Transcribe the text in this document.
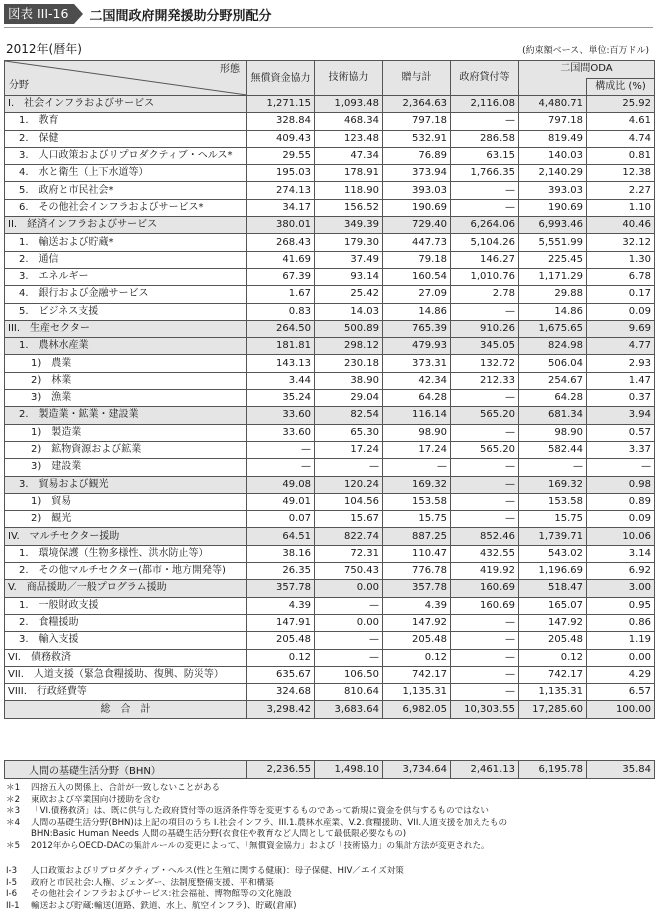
図表 III-16	二国間政府開発援助分野別配分
2012年(暦年)	(約束額ベース、単位:百万ドル)
形態
分野	無償資金協力	技術協力	贈与計	政府貸付等	二国間ODA	
						構成比 (%)
I.　社会インフラおよびサービス	1,271.15	1,093.48	2,364.63	2,116.08	4,480.71	25.92
1.　教育	328.84	468.34	797.18	—	797.18	4.61
2.　保健	409.43	123.48	532.91	286.58	819.49	4.74
3.　人口政策およびリプロダクティブ・ヘルス*	29.55	47.34	76.89	63.15	140.03	0.81
4.　水と衛生（上下水道等）	195.03	178.91	373.94	1,766.35	2,140.29	12.38
5.　政府と市民社会*	274.13	118.90	393.03	—	393.03	2.27
6.　その他社会インフラおよびサービス*	34.17	156.52	190.69	—	190.69	1.10
II.　経済インフラおよびサービス	380.01	349.39	729.40	6,264.06	6,993.46	40.46
1.　輸送および貯蔵*	268.43	179.30	447.73	5,104.26	5,551.99	32.12
2.　通信	41.69	37.49	79.18	146.27	225.45	1.30
3.　エネルギー	67.39	93.14	160.54	1,010.76	1,171.29	6.78
4.　銀行および金融サービス	1.67	25.42	27.09	2.78	29.88	0.17
5.　ビジネス支援	0.83	14.03	14.86	—	14.86	0.09
III.　生産セクター	264.50	500.89	765.39	910.26	1,675.65	9.69
1.　農林水産業	181.81	298.12	479.93	345.05	824.98	4.77
1)　農業	143.13	230.18	373.31	132.72	506.04	2.93
2)　林業	3.44	38.90	42.34	212.33	254.67	1.47
3)　漁業	35.24	29.04	64.28	—	64.28	0.37
2.　製造業・鉱業・建設業	33.60	82.54	116.14	565.20	681.34	3.94
1)　製造業	33.60	65.30	98.90	—	98.90	0.57
2)　鉱物資源および鉱業	—	17.24	17.24	565.20	582.44	3.37
3)　建設業	—	—	—	—	—	—
3.　貿易および観光	49.08	120.24	169.32	—	169.32	0.98
1)　貿易	49.01	104.56	153.58	—	153.58	0.89
2)　観光	0.07	15.67	15.75	—	15.75	0.09
IV.　マルチセクター援助	64.51	822.74	887.25	852.46	1,739.71	10.06
1.　環境保護（生物多様性、洪水防止等）	38.16	72.31	110.47	432.55	543.02	3.14
2.　その他マルチセクター(都市・地方開発等)	26.35	750.43	776.78	419.92	1,196.69	6.92
V.　商品援助／一般プログラム援助	357.78	0.00	357.78	160.69	518.47	3.00
1.　一般財政支援	4.39	—	4.39	160.69	165.07	0.95
2.　食糧援助	147.91	0.00	147.92	—	147.92	0.86
3.　輸入支援	205.48	—	205.48	—	205.48	1.19
VI.　債務救済	0.12	—	0.12	—	0.12	0.00
VII.　人道支援（緊急食糧援助、復興、防災等）	635.67	106.50	742.17	—	742.17	4.29
VIII.　行政経費等	324.68	810.64	1,135.31	—	1,135.31	6.57
総　合　計	3,298.42	3,683.64	6,982.05	10,303.55	17,285.60	100.00
人間の基礎生活分野（BHN）	2,236.55	1,498.10	3,734.64	2,461.13	6,195.78	35.84
＊1	四捨五入の関係上、合計が一致しないことがある
＊2	東欧および卒業国向け援助を含む
＊3	「VI.債務救済」は、既に供与した政府貸付等の返済条件等を変更するものであって新規に資金を供与するものではない
＊4	人間の基礎生活分野(BHN)は上記の項目のうち I.社会インフラ、III.1.農林水産業、V.2.食糧援助、VII.人道支援を加えたもの
BHN:Basic Human Needs 人間の基礎生活分野(衣食住や教育など人間として最低限必要なもの)
＊5	2012年からOECD-DACの集計ルールの変更によって、「無償資金協力」および「技術協力」の集計方法が変更された。
I-3	人口政策およびリプロダクティブ・ヘルス(性と生殖に関する健康)：母子保健、HIV／エイズ対策
I-5	政府と市民社会:人権、ジェンダー、法制度整備支援、平和構築
I-6	その他社会インフラおよびサービス:社会福祉、博物館等の文化施設
II-1	輸送および貯蔵:輸送(道路、鉄道、水上、航空インフラ)、貯蔵(倉庫)
